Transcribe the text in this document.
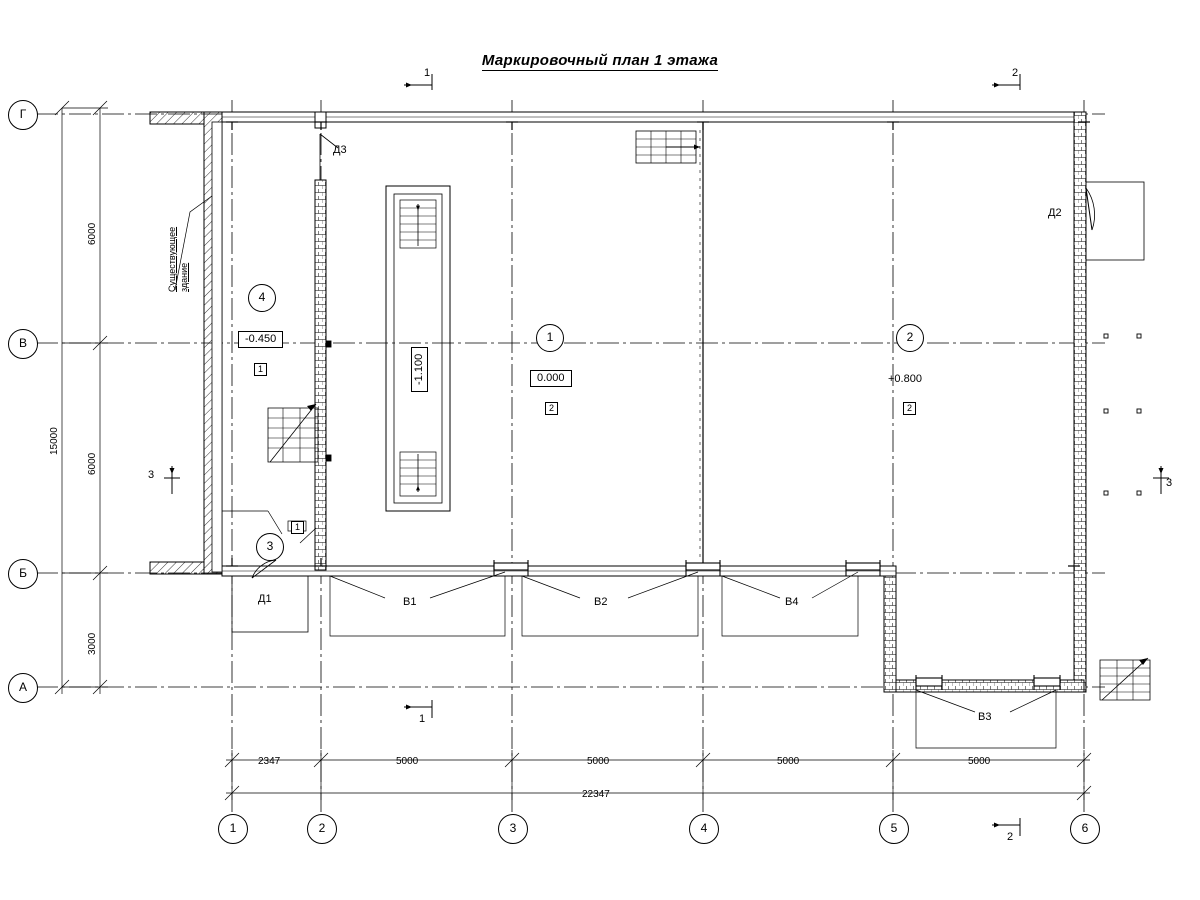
Маркировочный план 1 этажа
Г
В
Б
А
1	2	3	4	5	6
6000
6000
3000
15000
2347	5000	5000	5000	5000
22347
1	2
1
2
3
3
Существующее здание
4
-0.450
1
3
1
1
0.000
2
2
+0.800
2
-1.100
Д1
Д2
Д3
В1	В2
В3
В4
